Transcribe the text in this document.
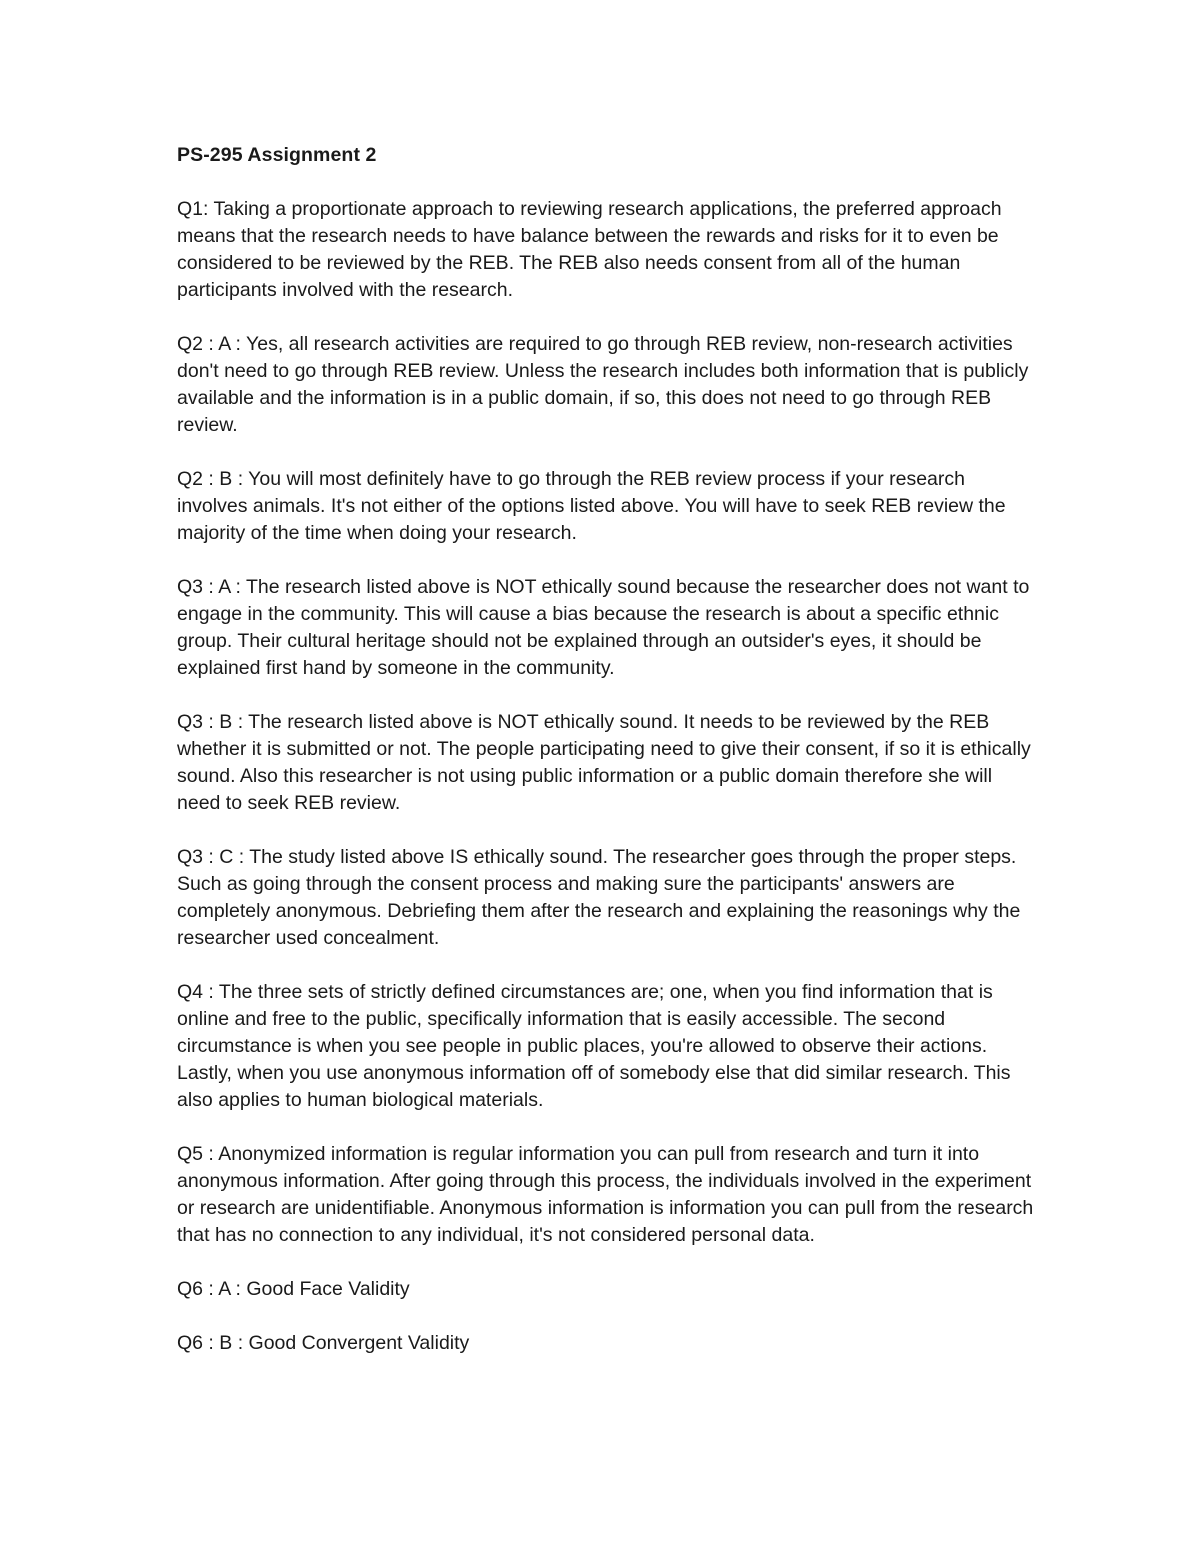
PS-295 Assignment 2

Q1: Taking a proportionate approach to reviewing research applications, the preferred approach means that the research needs to have balance between the rewards and risks for it to even be considered to be reviewed by the REB. The REB also needs consent from all of the human participants involved with the research.

Q2 : A : Yes, all research activities are required to go through REB review, non-research activities don't need to go through REB review. Unless the research includes both information that is publicly available and the information is in a public domain, if so, this does not need to go through REB review.

Q2 : B : You will most definitely have to go through the REB review process if your research involves animals. It's not either of the options listed above. You will have to seek REB review the majority of the time when doing your research.

Q3 : A : The research listed above is NOT ethically sound because the researcher does not want to engage in the community. This will cause a bias because the research is about a specific ethnic group. Their cultural heritage should not be explained through an outsider's eyes, it should be explained first hand by someone in the community.

Q3 : B : The research listed above is NOT ethically sound. It needs to be reviewed by the REB whether it is submitted or not. The people participating need to give their consent, if so it is ethically sound. Also this researcher is not using public information or a public domain therefore she will need to seek REB review.

Q3 : C : The study listed above IS ethically sound. The researcher goes through the proper steps. Such as going through the consent process and making sure the participants' answers are completely anonymous. Debriefing them after the research and explaining the reasonings why the researcher used concealment.

Q4 : The three sets of strictly defined circumstances are; one, when you find information that is online and free to the public, specifically information that is easily accessible. The second circumstance is when you see people in public places, you're allowed to observe their actions. Lastly, when you use anonymous information off of somebody else that did similar research. This also applies to human biological materials.

Q5 : Anonymized information is regular information you can pull from research and turn it into anonymous information. After going through this process, the individuals involved in the experiment or research are unidentifiable. Anonymous information is information you can pull from the research that has no connection to any individual, it's not considered personal data.

Q6 : A : Good Face Validity

Q6 : B : Good Convergent Validity
